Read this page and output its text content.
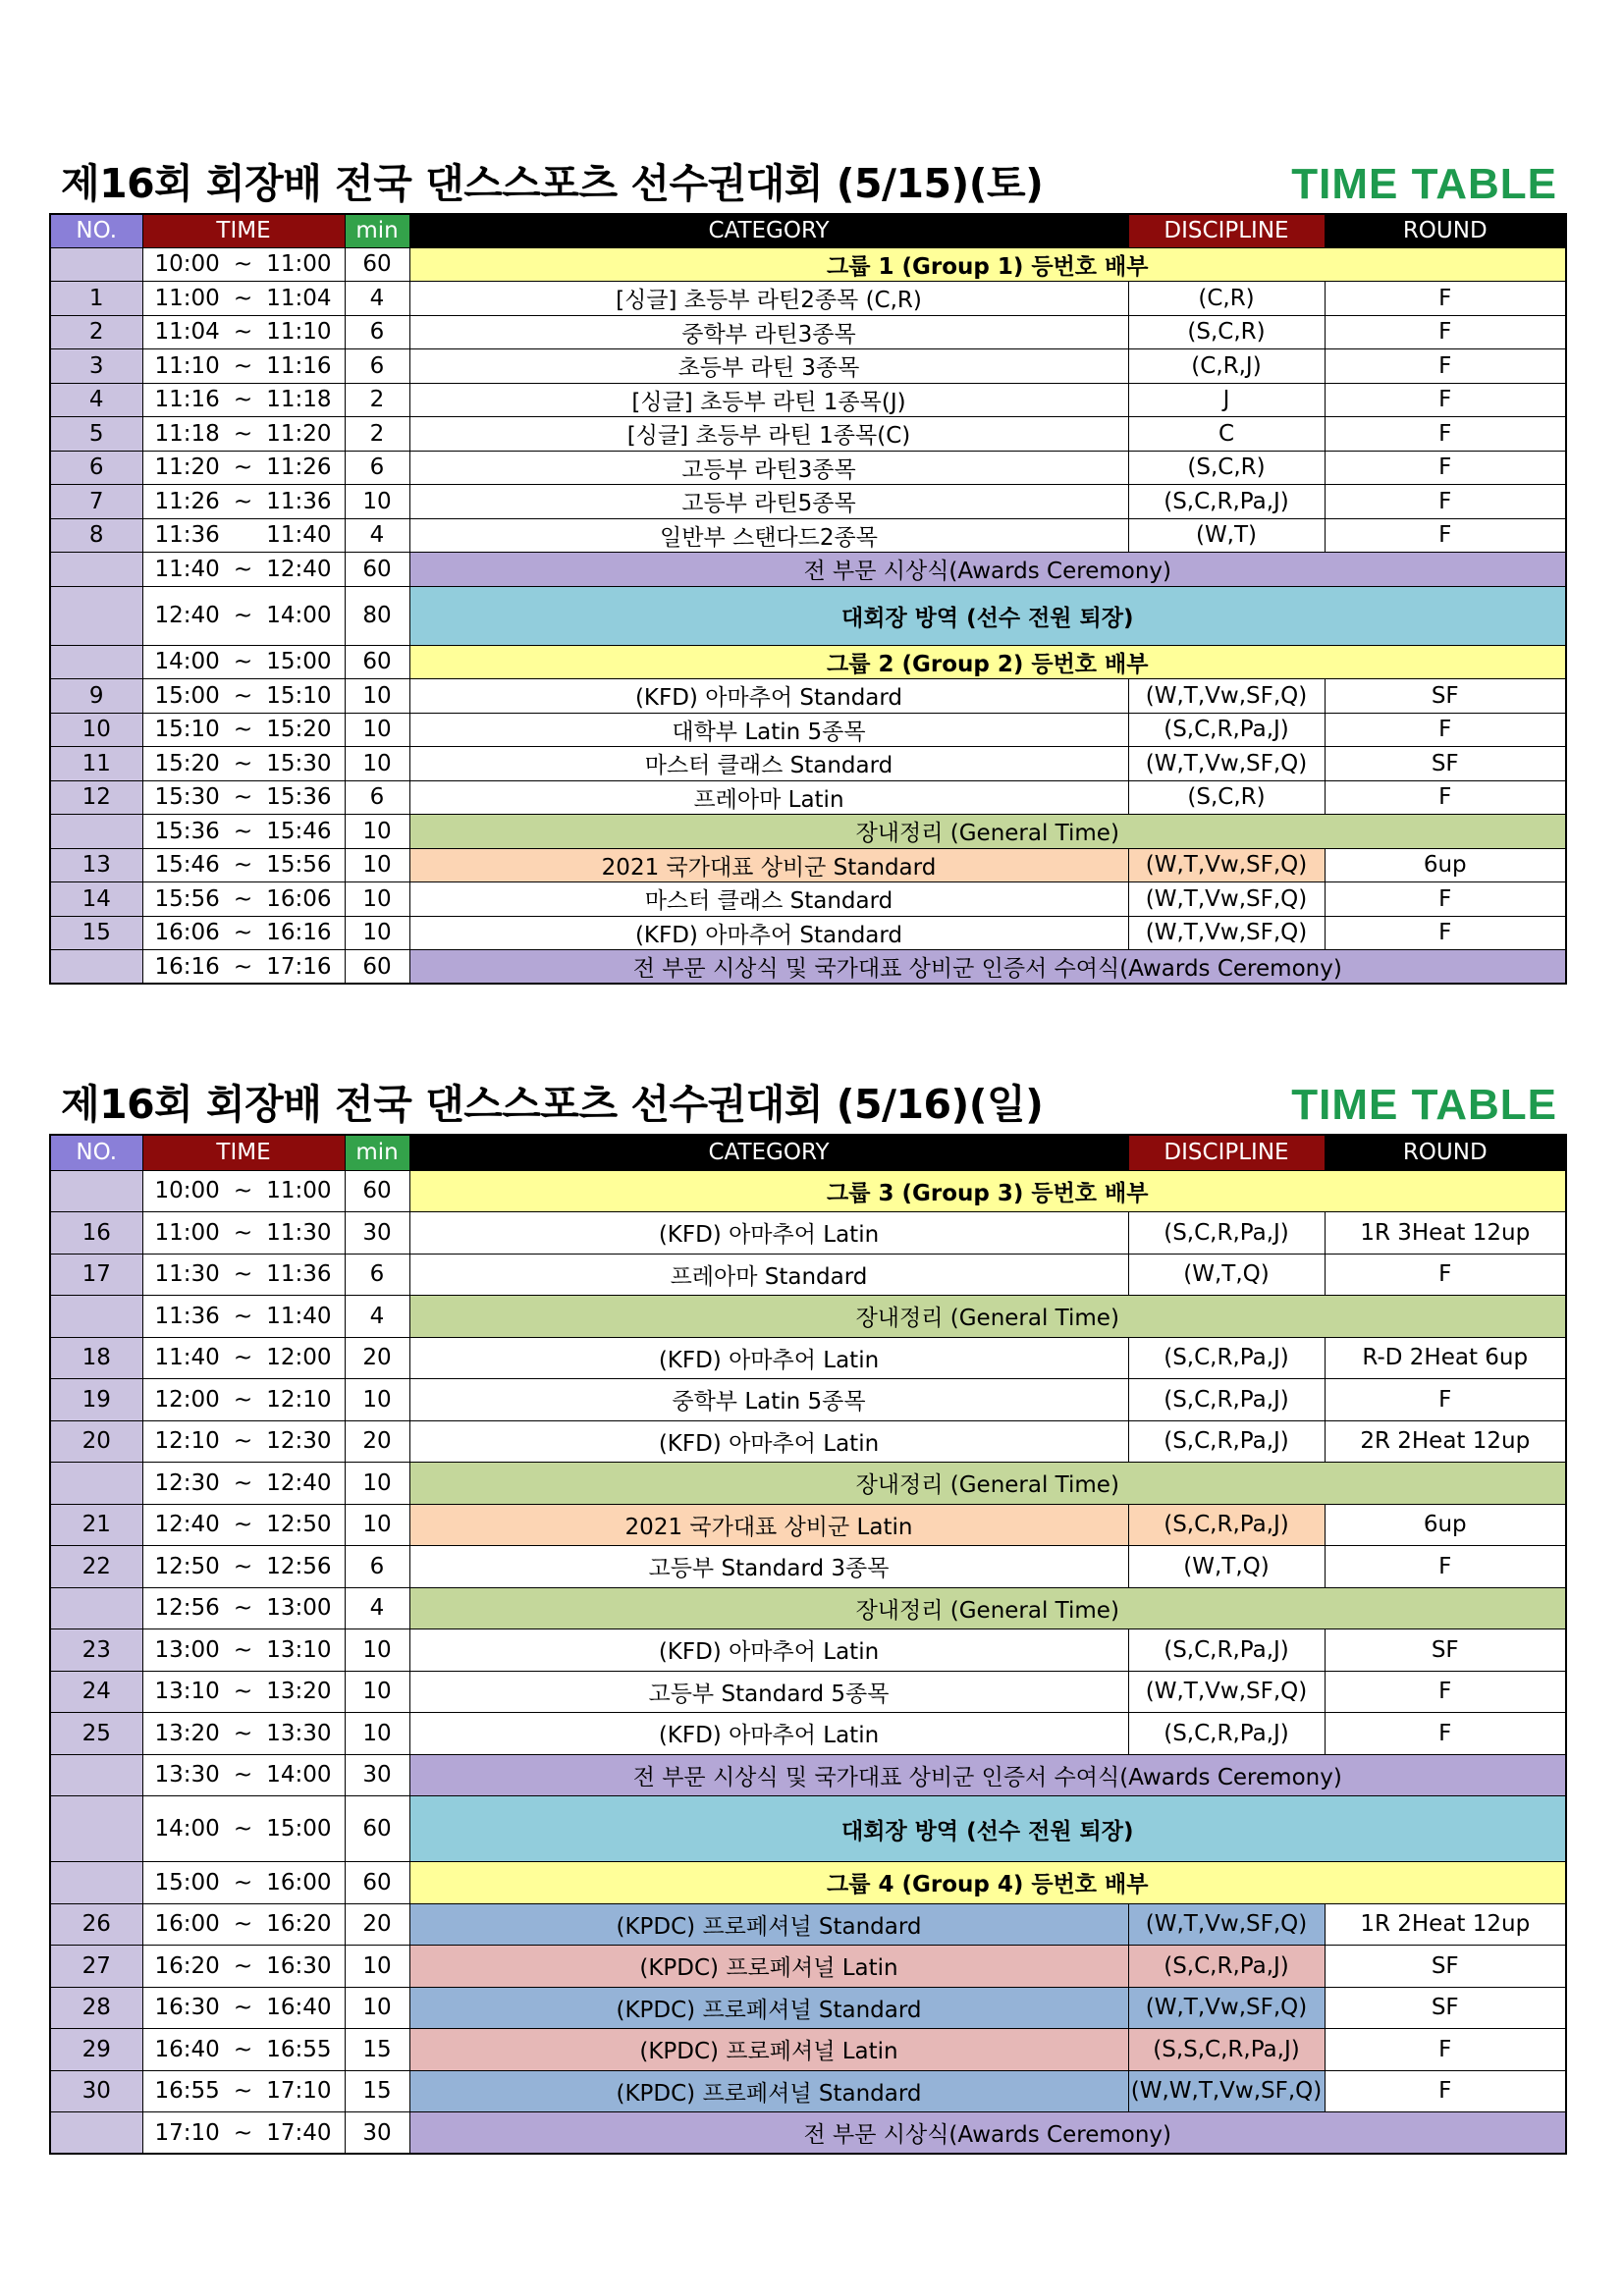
제16회 회장배 전국 댄스스포츠 선수권대회 (5/15)(토)	TIME TABLE
NO.	TIME	min	CATEGORY	DISCIPLINE	ROUND
	10:00 ~ 11:00	60	그룹 1 (Group 1) 등번호 배부		
1	11:00 ~ 11:04	4	[싱글] 초등부 라틴2종목 (C,R)	(C,R)	F
2	11:04 ~ 11:10	6	중학부 라틴3종목	(S,C,R)	F
3	11:10 ~ 11:16	6	초등부 라틴 3종목	(C,R,J)	F
4	11:16 ~ 11:18	2	[싱글] 초등부 라틴 1종목(J)	J	F
5	11:18 ~ 11:20	2	[싱글] 초등부 라틴 1종목(C)	C	F
6	11:20 ~ 11:26	6	고등부 라틴3종목	(S,C,R)	F
7	11:26 ~ 11:36	10	고등부 라틴5종목	(S,C,R,Pa,J)	F
8	11:36 11:40	4	일반부 스탠다드2종목	(W,T)	F
	11:40 ~ 12:40	60	전 부문 시상식(Awards Ceremony)		
	12:40 ~ 14:00	80	대회장 방역 (선수 전원 퇴장)		
	14:00 ~ 15:00	60	그룹 2 (Group 2) 등번호 배부		
9	15:00 ~ 15:10	10	(KFD) 아마추어 Standard	(W,T,Vw,SF,Q)	SF
10	15:10 ~ 15:20	10	대학부 Latin 5종목	(S,C,R,Pa,J)	F
11	15:20 ~ 15:30	10	마스터 클래스 Standard	(W,T,Vw,SF,Q)	SF
12	15:30 ~ 15:36	6	프레아마 Latin	(S,C,R)	F
	15:36 ~ 15:46	10	장내정리 (General Time)		
13	15:46 ~ 15:56	10	2021 국가대표 상비군 Standard	(W,T,Vw,SF,Q)	6up
14	15:56 ~ 16:06	10	마스터 클래스 Standard	(W,T,Vw,SF,Q)	F
15	16:06 ~ 16:16	10	(KFD) 아마추어 Standard	(W,T,Vw,SF,Q)	F
	16:16 ~ 17:16	60	전 부문 시상식 및 국가대표 상비군 인증서 수여식(Awards Ceremony)		
제16회 회장배 전국 댄스스포츠 선수권대회 (5/16)(일)	TIME TABLE
NO.	TIME	min	CATEGORY	DISCIPLINE	ROUND
	10:00 ~ 11:00	60	그룹 3 (Group 3) 등번호 배부		
16	11:00 ~ 11:30	30	(KFD) 아마추어 Latin	(S,C,R,Pa,J)	1R 3Heat 12up
17	11:30 ~ 11:36	6	프레아마 Standard	(W,T,Q)	F
	11:36 ~ 11:40	4	장내정리 (General Time)		
18	11:40 ~ 12:00	20	(KFD) 아마추어 Latin	(S,C,R,Pa,J)	R-D 2Heat 6up
19	12:00 ~ 12:10	10	중학부 Latin 5종목	(S,C,R,Pa,J)	F
20	12:10 ~ 12:30	20	(KFD) 아마추어 Latin	(S,C,R,Pa,J)	2R 2Heat 12up
	12:30 ~ 12:40	10	장내정리 (General Time)		
21	12:40 ~ 12:50	10	2021 국가대표 상비군 Latin	(S,C,R,Pa,J)	6up
22	12:50 ~ 12:56	6	고등부 Standard 3종목	(W,T,Q)	F
	12:56 ~ 13:00	4	장내정리 (General Time)		
23	13:00 ~ 13:10	10	(KFD) 아마추어 Latin	(S,C,R,Pa,J)	SF
24	13:10 ~ 13:20	10	고등부 Standard 5종목	(W,T,Vw,SF,Q)	F
25	13:20 ~ 13:30	10	(KFD) 아마추어 Latin	(S,C,R,Pa,J)	F
	13:30 ~ 14:00	30	전 부문 시상식 및 국가대표 상비군 인증서 수여식(Awards Ceremony)		
	14:00 ~ 15:00	60	대회장 방역 (선수 전원 퇴장)		
	15:00 ~ 16:00	60	그룹 4 (Group 4) 등번호 배부		
26	16:00 ~ 16:20	20	(KPDC) 프로페셔널 Standard	(W,T,Vw,SF,Q)	1R 2Heat 12up
27	16:20 ~ 16:30	10	(KPDC) 프로페셔널 Latin	(S,C,R,Pa,J)	SF
28	16:30 ~ 16:40	10	(KPDC) 프로페셔널 Standard	(W,T,Vw,SF,Q)	SF
29	16:40 ~ 16:55	15	(KPDC) 프로페셔널 Latin	(S,S,C,R,Pa,J)	F
30	16:55 ~ 17:10	15	(KPDC) 프로페셔널 Standard	(W,W,T,Vw,SF,Q)	F
	17:10 ~ 17:40	30	전 부문 시상식(Awards Ceremony)		
